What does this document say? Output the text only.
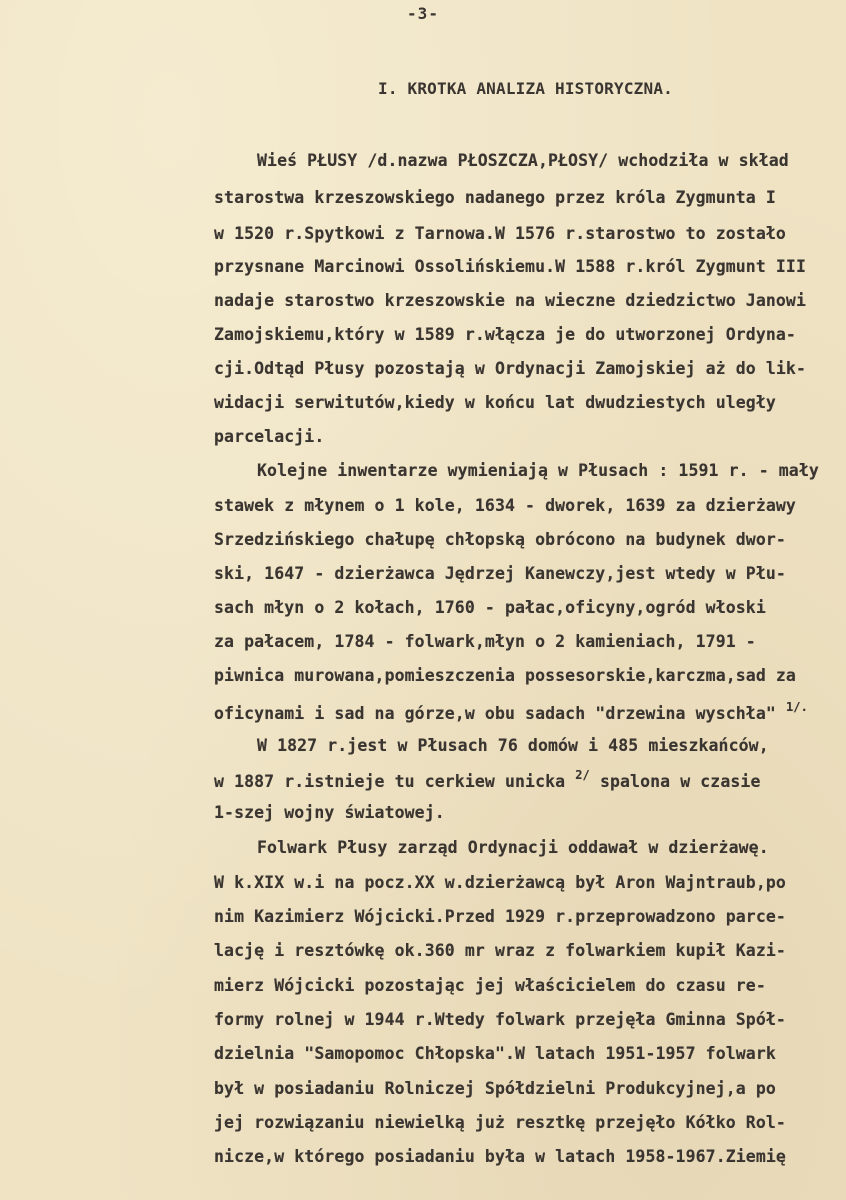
-3-
I. KROTKA ANALIZA HISTORYCZNA.
Wieś PŁUSY /d.nazwa PŁOSZCZA,PŁOSY/ wchodziła w skład
starostwa krzeszowskiego nadanego przez króla Zygmunta I
w 1520 r.Spytkowi z Tarnowa.W 1576 r.starostwo to zostało
przysnane Marcinowi Ossolińskiemu.W 1588 r.król Zygmunt III
nadaje starostwo krzeszowskie na wieczne dziedzictwo Janowi
Zamojskiemu,który w 1589 r.włącza je do utworzonej Ordyna-
cji.Odtąd Płusy pozostają w Ordynacji Zamojskiej aż do lik-
widacji serwitutów,kiedy w końcu lat dwudziestych uległy
parcelacji.
Kolejne inwentarze wymieniają w Płusach : 1591 r. - mały
stawek z młynem o 1 kole, 1634 - dworek, 1639 za dzierżawy
Srzedzińskiego chałupę chłopską obrócono na budynek dwor-
ski, 1647 - dzierżawca Jędrzej Kanewczy,jest wtedy w Płu-
sach młyn o 2 kołach, 1760 - pałac,oficyny,ogród włoski
za pałacem, 1784 - folwark,młyn o 2 kamieniach, 1791 -
piwnica murowana,pomieszczenia possesorskie,karczma,sad za
oficynami i sad na górze,w obu sadach "drzewina wyschła" $^{1/.}$
W 1827 r.jest w Płusach 76 domów i 485 mieszkańców,
w 1887 r.istnieje tu cerkiew unicka $^{2/}$ spalona w czasie
1-szej wojny światowej.
Folwark Płusy zarząd Ordynacji oddawał w dzierżawę.
W k.XIX w.i na pocz.XX w.dzierżawcą był Aron Wajntraub,po
nim Kazimierz Wójcicki.Przed 1929 r.przeprowadzono parce-
lację i resztówkę ok.360 mr wraz z folwarkiem kupił Kazi-
mierz Wójcicki pozostając jej właścicielem do czasu re-
formy rolnej w 1944 r.Wtedy folwark przejęła Gminna Spół-
dzielnia "Samopomoc Chłopska".W latach 1951-1957 folwark
był w posiadaniu Rolniczej Spółdzielni Produkcyjnej,a po
jej rozwiązaniu niewielką już resztkę przejęło Kółko Rol-
nicze,w którego posiadaniu była w latach 1958-1967.Ziemię
